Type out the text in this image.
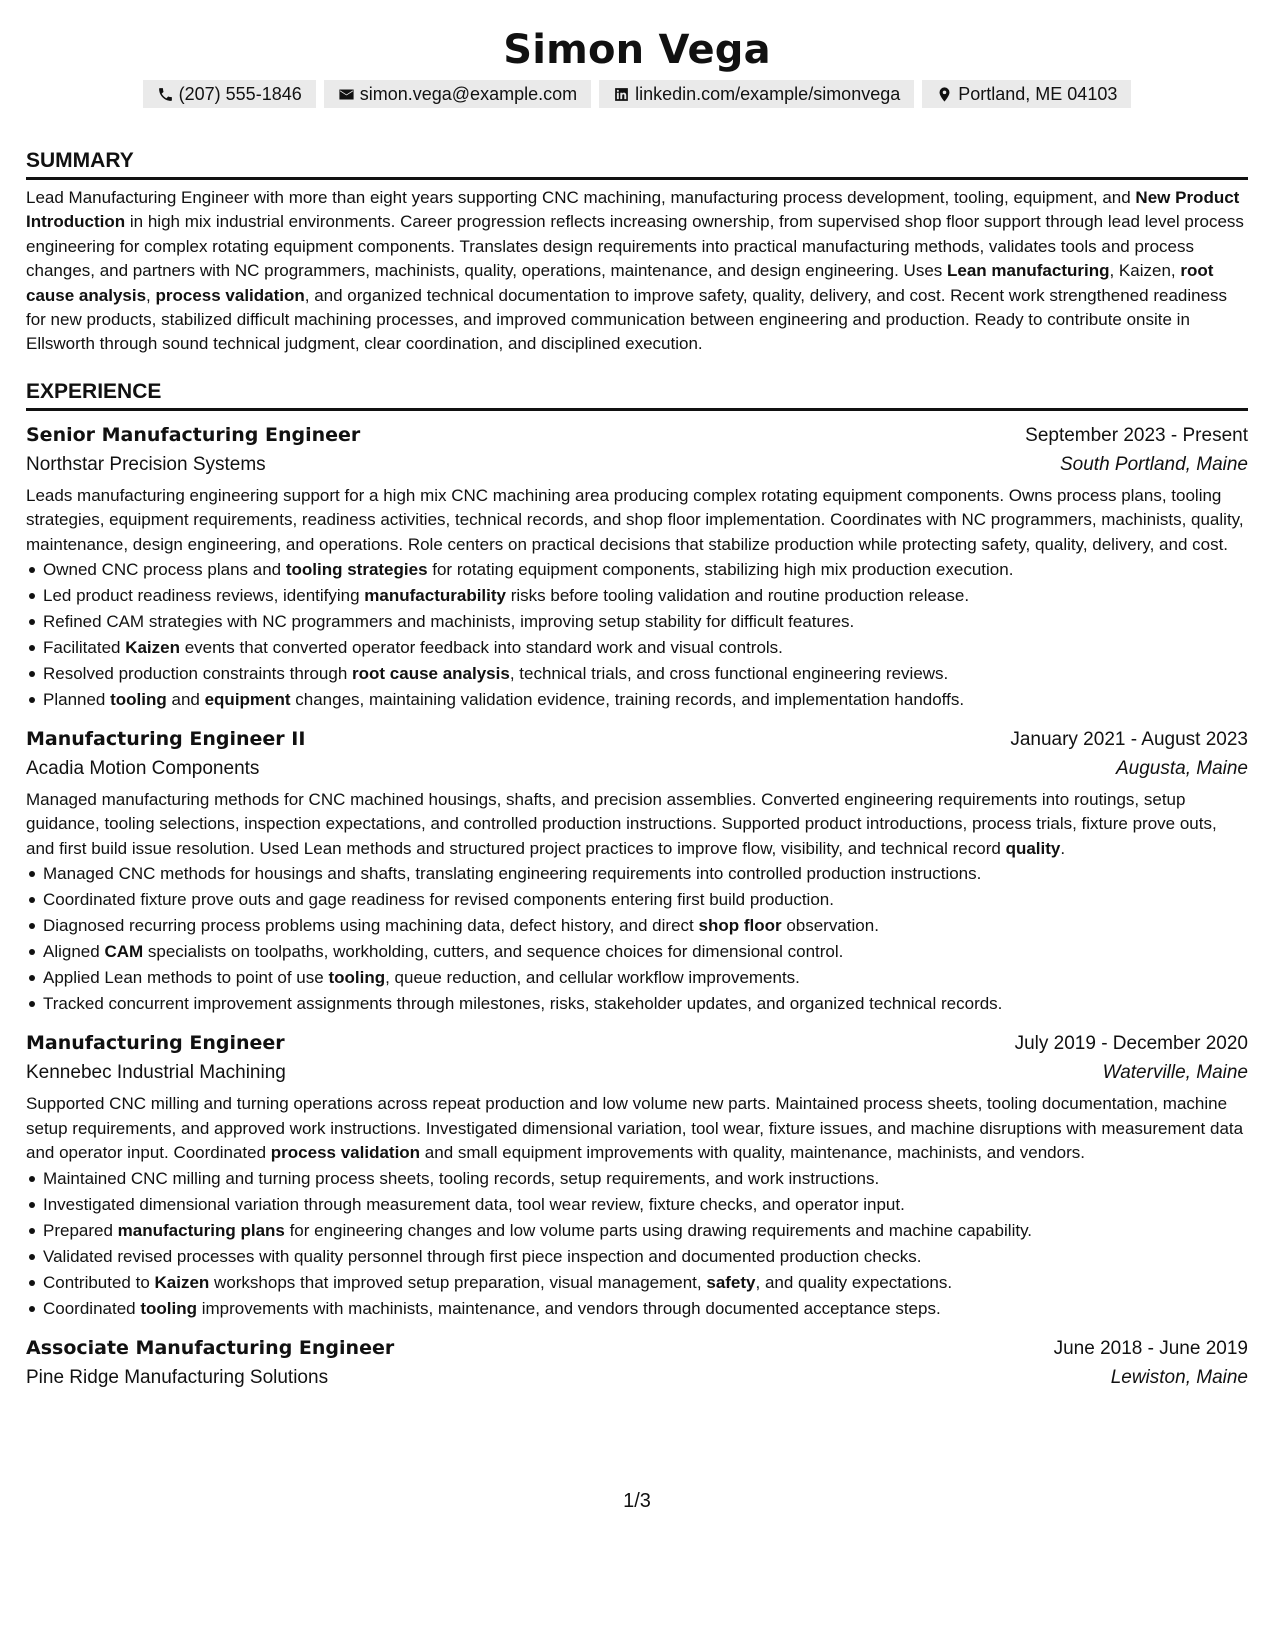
Simon Vega
(207) 555-1846	simon.vega@example.com	linkedin.com/example/simonvega	Portland, ME 04103
SUMMARY
Lead Manufacturing Engineer with more than eight years supporting CNC machining, manufacturing process development, tooling, equipment, and New Product Introduction in high mix industrial environments. Career progression reflects increasing ownership, from supervised shop floor support through lead level process engineering for complex rotating equipment components. Translates design requirements into practical manufacturing methods, validates tools and process changes, and partners with NC programmers, machinists, quality, operations, maintenance, and design engineering. Uses Lean manufacturing, Kaizen, root cause analysis, process validation, and organized technical documentation to improve safety, quality, delivery, and cost. Recent work strengthened readiness for new products, stabilized difficult machining processes, and improved communication between engineering and production. Ready to contribute onsite in Ellsworth through sound technical judgment, clear coordination, and disciplined execution.
EXPERIENCE
Senior Manufacturing Engineer	September 2023 - Present
Northstar Precision Systems	South Portland, Maine
Leads manufacturing engineering support for a high mix CNC machining area producing complex rotating equipment components. Owns process plans, tooling strategies, equipment requirements, readiness activities, technical records, and shop floor implementation. Coordinates with NC programmers, machinists, quality, maintenance, design engineering, and operations. Role centers on practical decisions that stabilize production while protecting safety, quality, delivery, and cost.
Owned CNC process plans and tooling strategies for rotating equipment components, stabilizing high mix production execution.
Led product readiness reviews, identifying manufacturability risks before tooling validation and routine production release.
Refined CAM strategies with NC programmers and machinists, improving setup stability for difficult features.
Facilitated Kaizen events that converted operator feedback into standard work and visual controls.
Resolved production constraints through root cause analysis, technical trials, and cross functional engineering reviews.
Planned tooling and equipment changes, maintaining validation evidence, training records, and implementation handoffs.
Manufacturing Engineer II	January 2021 - August 2023
Acadia Motion Components	Augusta, Maine
Managed manufacturing methods for CNC machined housings, shafts, and precision assemblies. Converted engineering requirements into routings, setup guidance, tooling selections, inspection expectations, and controlled production instructions. Supported product introductions, process trials, fixture prove outs, and first build issue resolution. Used Lean methods and structured project practices to improve flow, visibility, and technical record quality.
Managed CNC methods for housings and shafts, translating engineering requirements into controlled production instructions.
Coordinated fixture prove outs and gage readiness for revised components entering first build production.
Diagnosed recurring process problems using machining data, defect history, and direct shop floor observation.
Aligned CAM specialists on toolpaths, workholding, cutters, and sequence choices for dimensional control.
Applied Lean methods to point of use tooling, queue reduction, and cellular workflow improvements.
Tracked concurrent improvement assignments through milestones, risks, stakeholder updates, and organized technical records.
Manufacturing Engineer	July 2019 - December 2020
Kennebec Industrial Machining	Waterville, Maine
Supported CNC milling and turning operations across repeat production and low volume new parts. Maintained process sheets, tooling documentation, machine setup requirements, and approved work instructions. Investigated dimensional variation, tool wear, fixture issues, and machine disruptions with measurement data and operator input. Coordinated process validation and small equipment improvements with quality, maintenance, machinists, and vendors.
Maintained CNC milling and turning process sheets, tooling records, setup requirements, and work instructions.
Investigated dimensional variation through measurement data, tool wear review, fixture checks, and operator input.
Prepared manufacturing plans for engineering changes and low volume parts using drawing requirements and machine capability.
Validated revised processes with quality personnel through first piece inspection and documented production checks.
Contributed to Kaizen workshops that improved setup preparation, visual management, safety, and quality expectations.
Coordinated tooling improvements with machinists, maintenance, and vendors through documented acceptance steps.
Associate Manufacturing Engineer	June 2018 - June 2019
Pine Ridge Manufacturing Solutions	Lewiston, Maine
1/3
